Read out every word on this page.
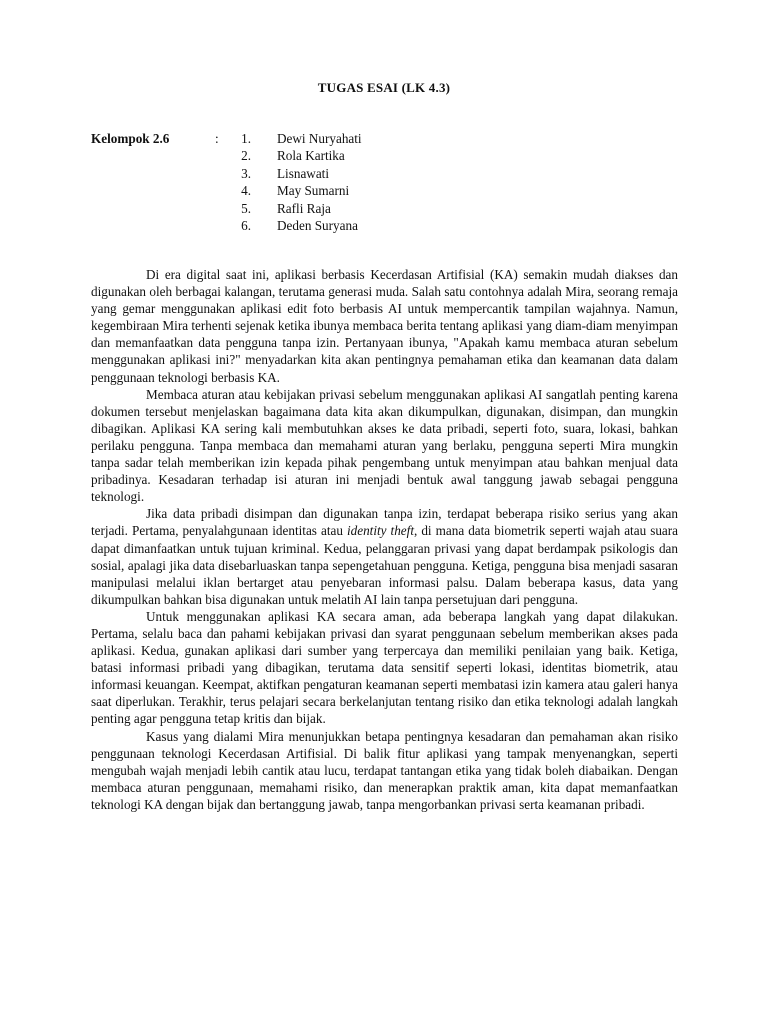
TUGAS ESAI (LK 4.3)
Kelompok 2.6	:	1. Dewi Nuryahati
2. Rola Kartika
3. Lisnawati
4. May Sumarni
5. Rafli Raja
6. Deden Suryana

Di era digital saat ini, aplikasi berbasis Kecerdasan Artifisial (KA) semakin mudah diakses dan digunakan oleh berbagai kalangan, terutama generasi muda. Salah satu contohnya adalah Mira, seorang remaja yang gemar menggunakan aplikasi edit foto berbasis AI untuk mempercantik tampilan wajahnya. Namun, kegembiraan Mira terhenti sejenak ketika ibunya membaca berita tentang aplikasi yang diam-diam menyimpan dan memanfaatkan data pengguna tanpa izin. Pertanyaan ibunya, "Apakah kamu membaca aturan sebelum menggunakan aplikasi ini?" menyadarkan kita akan pentingnya pemahaman etika dan keamanan data dalam penggunaan teknologi berbasis KA.

Membaca aturan atau kebijakan privasi sebelum menggunakan aplikasi AI sangatlah penting karena dokumen tersebut menjelaskan bagaimana data kita akan dikumpulkan, digunakan, disimpan, dan mungkin dibagikan. Aplikasi KA sering kali membutuhkan akses ke data pribadi, seperti foto, suara, lokasi, bahkan perilaku pengguna. Tanpa membaca dan memahami aturan yang berlaku, pengguna seperti Mira mungkin tanpa sadar telah memberikan izin kepada pihak pengembang untuk menyimpan atau bahkan menjual data pribadinya. Kesadaran terhadap isi aturan ini menjadi bentuk awal tanggung jawab sebagai pengguna teknologi.

Jika data pribadi disimpan dan digunakan tanpa izin, terdapat beberapa risiko serius yang akan terjadi. Pertama, penyalahgunaan identitas atau identity theft, di mana data biometrik seperti wajah atau suara dapat dimanfaatkan untuk tujuan kriminal. Kedua, pelanggaran privasi yang dapat berdampak psikologis dan sosial, apalagi jika data disebarluaskan tanpa sepengetahuan pengguna. Ketiga, pengguna bisa menjadi sasaran manipulasi melalui iklan bertarget atau penyebaran informasi palsu. Dalam beberapa kasus, data yang dikumpulkan bahkan bisa digunakan untuk melatih AI lain tanpa persetujuan dari pengguna.

Untuk menggunakan aplikasi KA secara aman, ada beberapa langkah yang dapat dilakukan. Pertama, selalu baca dan pahami kebijakan privasi dan syarat penggunaan sebelum memberikan akses pada aplikasi. Kedua, gunakan aplikasi dari sumber yang terpercaya dan memiliki penilaian yang baik. Ketiga, batasi informasi pribadi yang dibagikan, terutama data sensitif seperti lokasi, identitas biometrik, atau informasi keuangan. Keempat, aktifkan pengaturan keamanan seperti membatasi izin kamera atau galeri hanya saat diperlukan. Terakhir, terus pelajari secara berkelanjutan tentang risiko dan etika teknologi adalah langkah penting agar pengguna tetap kritis dan bijak.

Kasus yang dialami Mira menunjukkan betapa pentingnya kesadaran dan pemahaman akan risiko penggunaan teknologi Kecerdasan Artifisial. Di balik fitur aplikasi yang tampak menyenangkan, seperti mengubah wajah menjadi lebih cantik atau lucu, terdapat tantangan etika yang tidak boleh diabaikan. Dengan membaca aturan penggunaan, memahami risiko, dan menerapkan praktik aman, kita dapat memanfaatkan teknologi KA dengan bijak dan bertanggung jawab, tanpa mengorbankan privasi serta keamanan pribadi.
